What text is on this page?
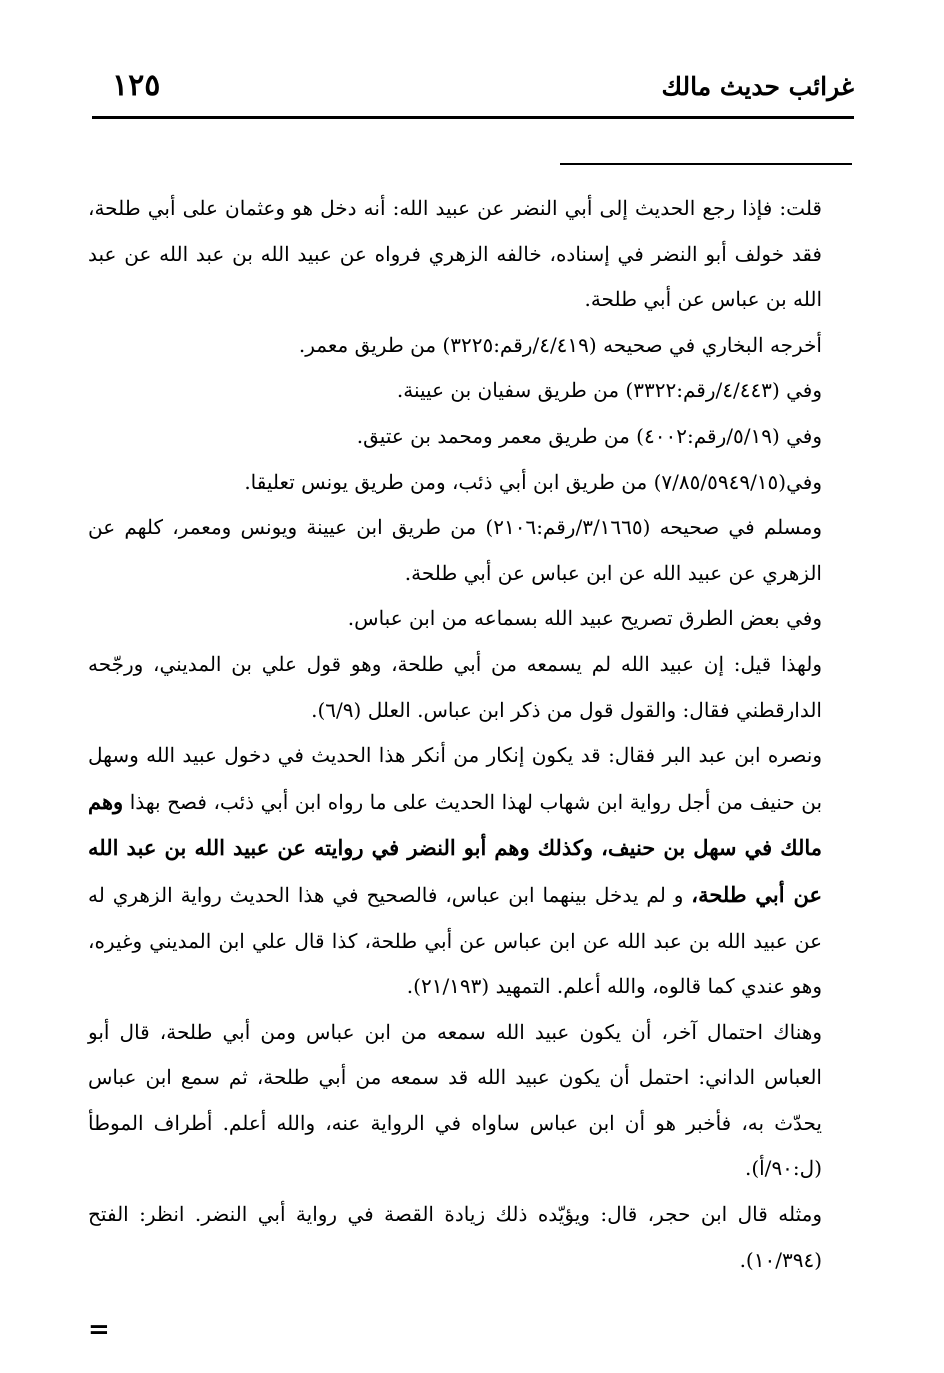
غرائب حديث مالك
١٢٥

قلت: فإذا رجع الحديث إلى أبي النضر عن عبيد الله: أنه دخل هو وعثمان على أبي طلحة، فقد خولف أبو النضر في إسناده، خالفه الزهري فرواه عن عبيد الله بن عبد الله عن عبد الله بن عباس عن أبي طلحة.

أخرجه البخاري في صحيحه (٤/٤١٩/رقم:٣٢٢٥) من طريق معمر.

وفي (٤/٤٤٣/رقم:٣٣٢٢) من طريق سفيان بن عيينة.

وفي (٥/١٩/رقم:٤٠٠٢) من طريق معمر ومحمد بن عتيق.

وفي(٧/٨٥/٥٩٤٩/١٥) من طريق ابن أبي ذئب، ومن طريق يونس تعليقا.

ومسلم في صحيحه (٣/١٦٦٥/رقم:٢١٠٦) من طريق ابن عيينة ويونس ومعمر، كلهم عن الزهري عن عبيد الله عن ابن عباس عن أبي طلحة.

وفي بعض الطرق تصريح عبيد الله بسماعه من ابن عباس.

ولهذا قيل: إن عبيد الله لم يسمعه من أبي طلحة، وهو قول علي بن المديني، ورجّحه الدارقطني فقال: والقول قول من ذكر ابن عباس. العلل (٦/٩).

ونصره ابن عبد البر فقال: قد يكون إنكار من أنكر هذا الحديث في دخول عبيد الله وسهل بن حنيف من أجل رواية ابن شهاب لهذا الحديث على ما رواه ابن أبي ذئب، فصح بهذا وهم مالك في سهل بن حنيف، وكذلك وهم أبو النضر في روايته عن عبيد الله بن عبد الله عن أبي طلحة، و لم يدخل بينهما ابن عباس، فالصحيح في هذا الحديث رواية الزهري له عن عبيد الله بن عبد الله عن ابن عباس عن أبي طلحة، كذا قال علي ابن المديني وغيره، وهو عندي كما قالوه، والله أعلم. التمهيد (٢١/١٩٣).

وهناك احتمال آخر، أن يكون عبيد الله سمعه من ابن عباس ومن أبي طلحة، قال أبو العباس الداني: احتمل أن يكون عبيد الله قد سمعه من أبي طلحة، ثم سمع ابن عباس يحدّث به، فأخبر هو أن ابن عباس ساواه في الرواية عنه، والله أعلم. أطراف الموطأ (ل:٩٠/أ).

ومثله قال ابن حجر، قال: ويؤيّده ذلك زيادة القصة في رواية أبي النضر. انظر: الفتح (١٠/٣٩٤).

=
